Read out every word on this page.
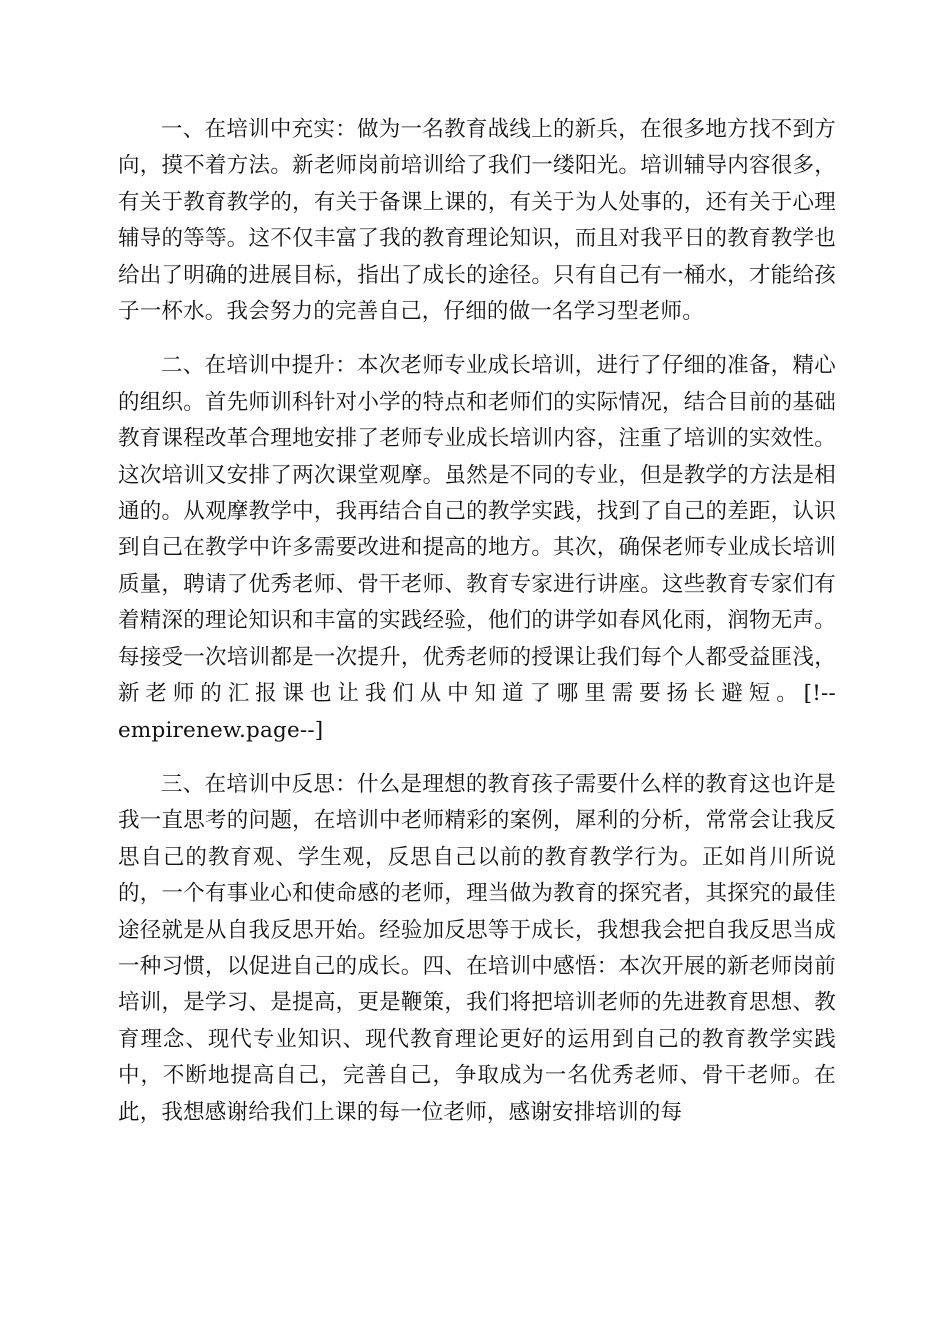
一、在培训中充实：做为一名教育战线上的新兵，在很多地方找不到方向，摸不着方法。新老师岗前培训给了我们一缕阳光。培训辅导内容很多，有关于教育教学的，有关于备课上课的，有关于为人处事的，还有关于心理辅导的等等。这不仅丰富了我的教育理论知识，而且对我平日的教育教学也给出了明确的进展目标，指出了成长的途径。只有自己有一桶水，才能给孩子一杯水。我会努力的完善自己，仔细的做一名学习型老师。

二、在培训中提升：本次老师专业成长培训，进行了仔细的准备，精心的组织。首先师训科针对小学的特点和老师们的实际情况，结合目前的基础教育课程改革合理地安排了老师专业成长培训内容，注重了培训的实效性。这次培训又安排了两次课堂观摩。虽然是不同的专业，但是教学的方法是相通的。从观摩教学中，我再结合自己的教学实践，找到了自己的差距，认识到自己在教学中许多需要改进和提高的地方。其次，确保老师专业成长培训质量，聘请了优秀老师、骨干老师、教育专家进行讲座。这些教育专家们有着精深的理论知识和丰富的实践经验，他们的讲学如春风化雨，润物无声。每接受一次培训都是一次提升，优秀老师的授课让我们每个人都受益匪浅，新老师的汇报课也让我们从中知道了哪里需要扬长避短。[!--empirenew.page--]

三、在培训中反思：什么是理想的教育孩子需要什么样的教育这也许是我一直思考的问题，在培训中老师精彩的案例，犀利的分析，常常会让我反思自己的教育观、学生观，反思自己以前的教育教学行为。正如肖川所说的，一个有事业心和使命感的老师，理当做为教育的探究者，其探究的最佳途径就是从自我反思开始。经验加反思等于成长，我想我会把自我反思当成一种习惯，以促进自己的成长。四、在培训中感悟：本次开展的新老师岗前培训，是学习、是提高，更是鞭策，我们将把培训老师的先进教育思想、教育理念、现代专业知识、现代教育理论更好的运用到自己的教育教学实践中，不断地提高自己，完善自己，争取成为一名优秀老师、骨干老师。在此，我想感谢给我们上课的每一位老师，感谢安排培训的每
